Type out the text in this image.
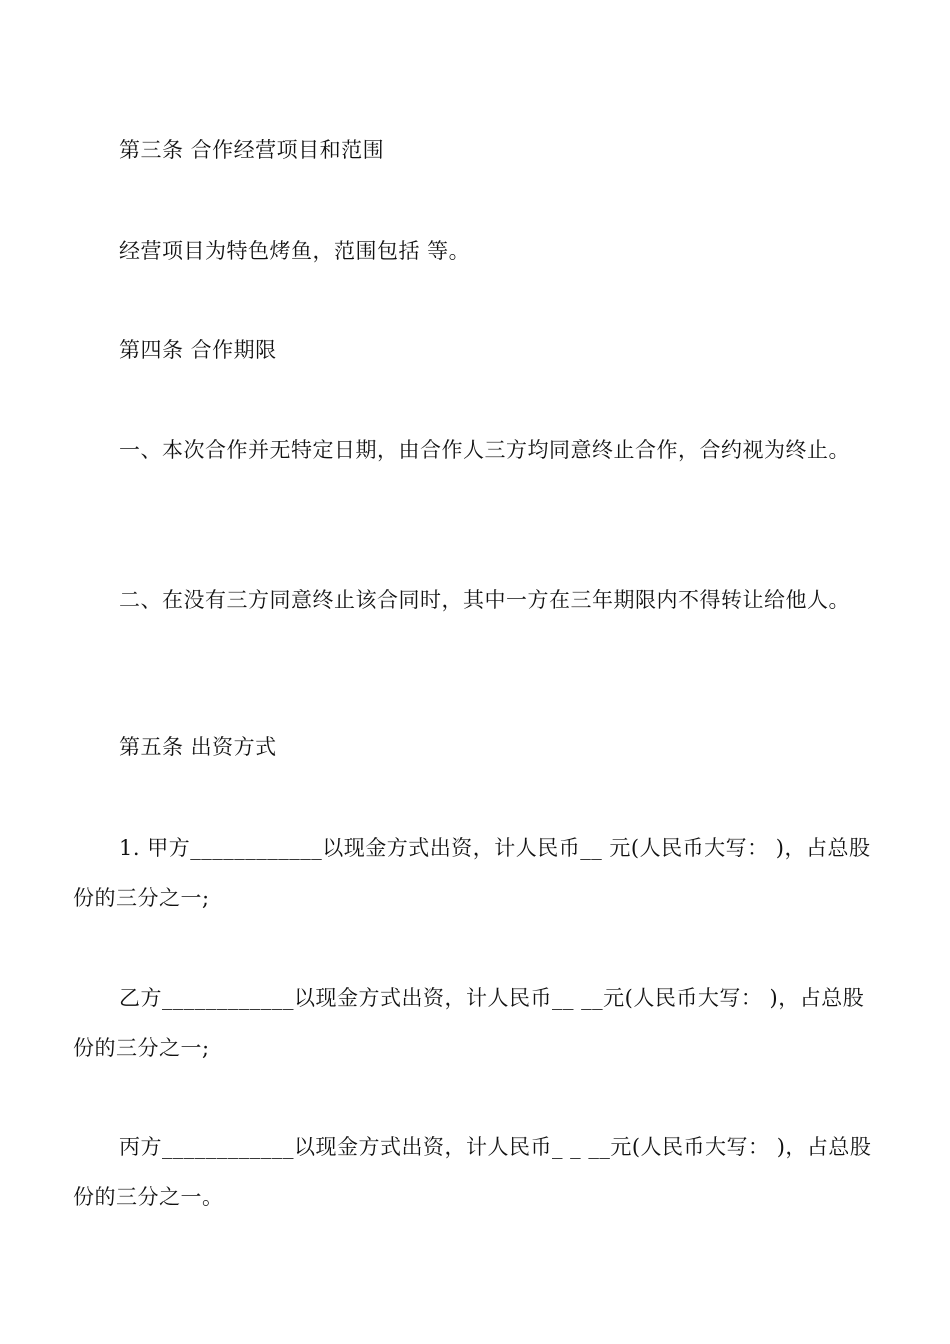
第三条 合作经营项目和范围
经营项目为特色烤鱼，范围包括 等。
第四条 合作期限
一、本次合作并无特定日期，由合作人三方均同意终止合作，合约视为终止。
二、在没有三方同意终止该合同时，其中一方在三年期限内不得转让给他人。
第五条 出资方式
1. 甲方____________以现金方式出资，计人民币__ 元(人民币大写： )，占总股份的三分之一;
乙方____________以现金方式出资，计人民币__ __元(人民币大写： )，占总股份的三分之一;
丙方____________以现金方式出资，计人民币_ _ __元(人民币大写： )，占总股份的三分之一。
